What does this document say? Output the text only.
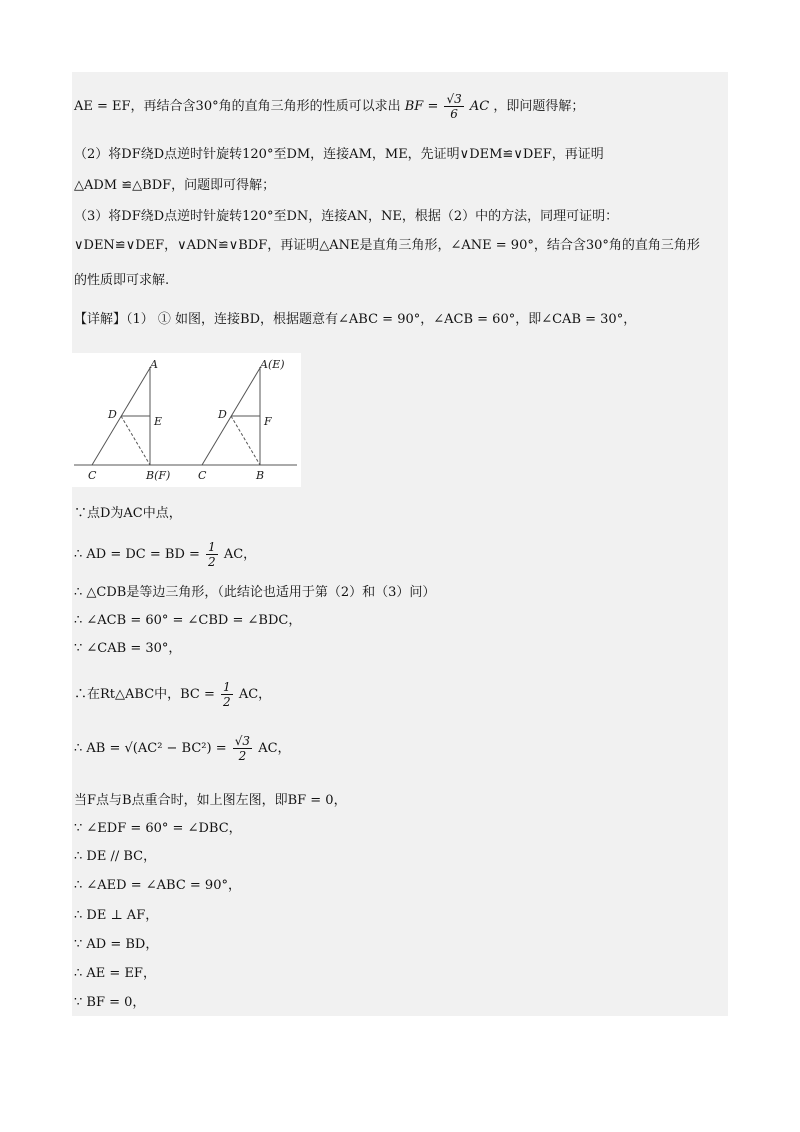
AE = EF，再结合含30°角的直角三角形的性质可以求出 BF = $\frac{√3}{6}$ AC ，即问题得解；
（2）将DF绕D点逆时针旋转120°至DM，连接AM，ME，先证明∨DEM≌∨DEF，再证明
△ADM ≌△BDF，问题即可得解；
（3）将DF绕D点逆时针旋转120°至DN，连接AN，NE，根据（2）中的方法，同理可证明：
∨DEN≌∨DEF，∨ADN≌∨BDF，再证明△ANE是直角三角形，∠ANE = 90°，结合含30°角的直角三角形
的性质即可求解.
【详解】（1） ① 如图，连接BD，根据题意有∠ABC = 90°，∠ACB = 60°，即∠CAB = 30°，
A
D
E
C	B(F)
A(E)
D
F
C	B
∵点D为AC中点，
∴ AD = DC = BD = $\frac{1}{2}$ AC，
∴ △CDB是等边三角形，（此结论也适用于第（2）和（3）问）
∴ ∠ACB = 60° = ∠CBD = ∠BDC，
∵ ∠CAB = 30°，
∴在Rt△ABC中，BC = $\frac{1}{2}$ AC，
∴ AB = $√(AC^2 - BC^2) = \frac{√3}{2}$ AC，
当F点与B点重合时，如上图左图，即BF = 0，
∵ ∠EDF = 60° = ∠DBC，
∴ DE // BC，
∴ ∠AED = ∠ABC = 90°，
∴ DE ⊥ AF，
∵ AD = BD，
∴ AE = EF，
∵ BF = 0，
